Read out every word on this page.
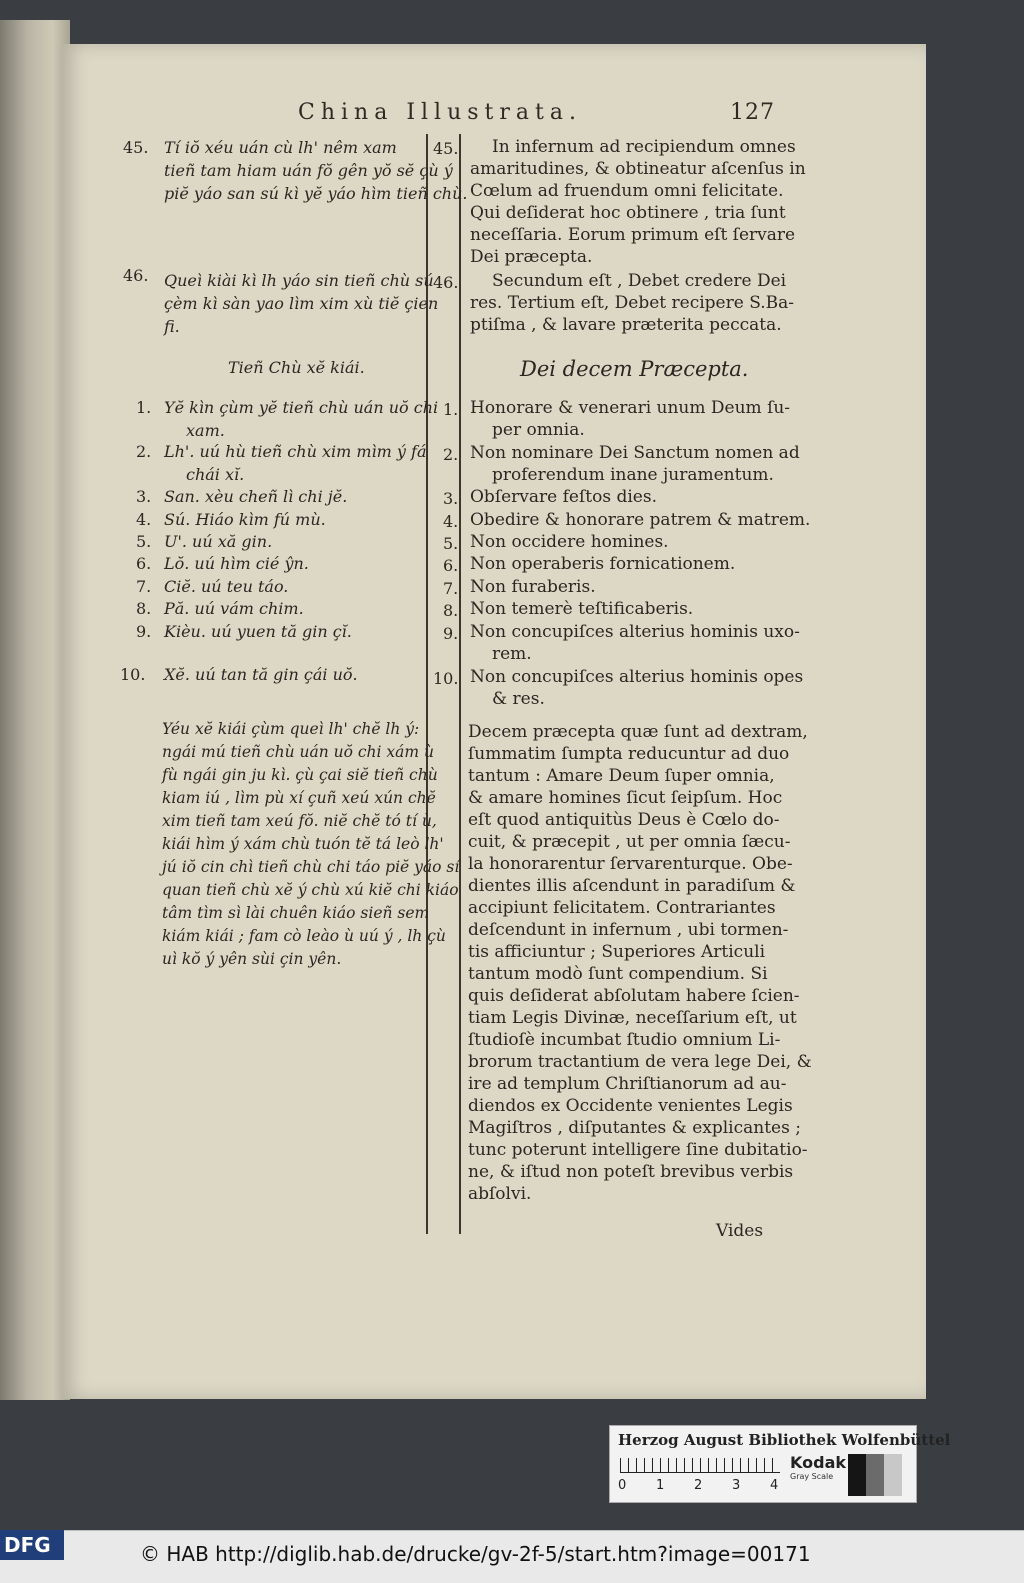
China Illustrata.	127
45. Tí iŏ xéu uán cù lh' nêm xam
tieñ tam hiam uán fŏ gên yŏ sĕ çù ý
piĕ yáo san sú kì yĕ yáo hìm tieñ chù.
46. Queì kiài kì lh yáo sin tieñ chù sú
çèm kì sàn yao lìm xim xù tiĕ çien
fi.
Tieñ Chù xĕ kiái.
1. Yĕ kìn çùm yĕ tieñ chù uán uŏ chi
xam.
2. Lh'. uú hù tieñ chù xim mìm ý fá
chái xĭ.
3. San. xèu cheñ lì chi jĕ.
4. Sú. Hiáo kìm fú mù.
5. U'. uú xă gin.
6. Lŏ. uú hìm cié ŷn.
7. Ciĕ. uú teu táo.
8. Pă. uú vám chim.
9. Kièu. uú yuen tă gin çĭ.
10. Xĕ. uú tan tă gin çái uŏ.
Yéu xĕ kiái çùm queì lh' chĕ lh ý:
ngái mú tieñ chù uán uŏ chi xám ù
fù ngái gin ju kì. çù çai siĕ tieñ chù
kiam iú , lìm pù xí çuñ xeú xún chĕ
xim tieñ tam xeú fŏ. niĕ chĕ tó tí ù,
kiái hìm ý xám chù tuón tĕ tá leò lh'
jú iŏ cin chì tieñ chù chi táo piĕ yáo sí
quan tieñ chù xĕ ý chù xú kiĕ chi kiáo
tâm tìm sì lài chuên kiáo sieñ sem
kiám kiái ; fam cò leào ù uú ý , lh çù
uì kŏ ý yên sùi çin yên.
45.	In infernum ad recipiendum omnes
amaritudines, & obtineatur aſcenſus in
Cœlum ad fruendum omni felicitate.
Qui deſiderat hoc obtinere , tria ſunt
neceſſaria. Eorum primum eſt ſervare
Dei præcepta.
46.	Secundum eſt , Debet credere Dei
res. Tertium eſt, Debet recipere S.Ba-
ptiſma , & lavare præterita peccata.
Dei decem Præcepta.
1. Honorare & venerari unum Deum ſu-
per omnia.
2. Non nominare Dei Sanctum nomen ad
proferendum inane juramentum.
3. Obſervare feſtos dies.
4. Obedire & honorare patrem & matrem.
5. Non occidere homines.
6. Non operaberis fornicationem.
7. Non furaberis.
8. Non temerè teſtificaberis.
9. Non concupiſces alterius hominis uxo-
rem.
10. Non concupiſces alterius hominis opes
& res.
Decem præcepta quæ ſunt ad dextram,
ſummatim ſumpta reducuntur ad duo
tantum : Amare Deum ſuper omnia,
& amare homines ſicut ſeipſum. Hoc
eſt quod antiquitùs Deus è Cœlo do-
cuit, & præcepit , ut per omnia ſæcu-
la honorarentur ſervarenturque. Obe-
dientes illis aſcendunt in paradiſum &
accipiunt felicitatem. Contrariantes
deſcendunt in infernum , ubi tormen-
tis afficiuntur ; Superiores Articuli
tantum modò ſunt compendium. Si
quis deſiderat abſolutam habere ſcien-
tiam Legis Divinæ, neceſſarium eſt, ut
ſtudioſè incumbat ſtudio omnium Li-
brorum tractantium de vera lege Dei, &
ire ad templum Chriſtianorum ad au-
diendos ex Occidente venientes Legis
Magiſtros , diſputantes & explicantes ;
tunc poterunt intelligere ſine dubitatio-
ne, & iſtud non poteſt brevibus verbis
abſolvi.
Vides
Herzog August Bibliothek Wolfenbüttel
0 1 2 3 4
Kodak
Gray Scale
DFG	© HAB http://diglib.hab.de/drucke/gv-2f-5/start.htm?image=00171
